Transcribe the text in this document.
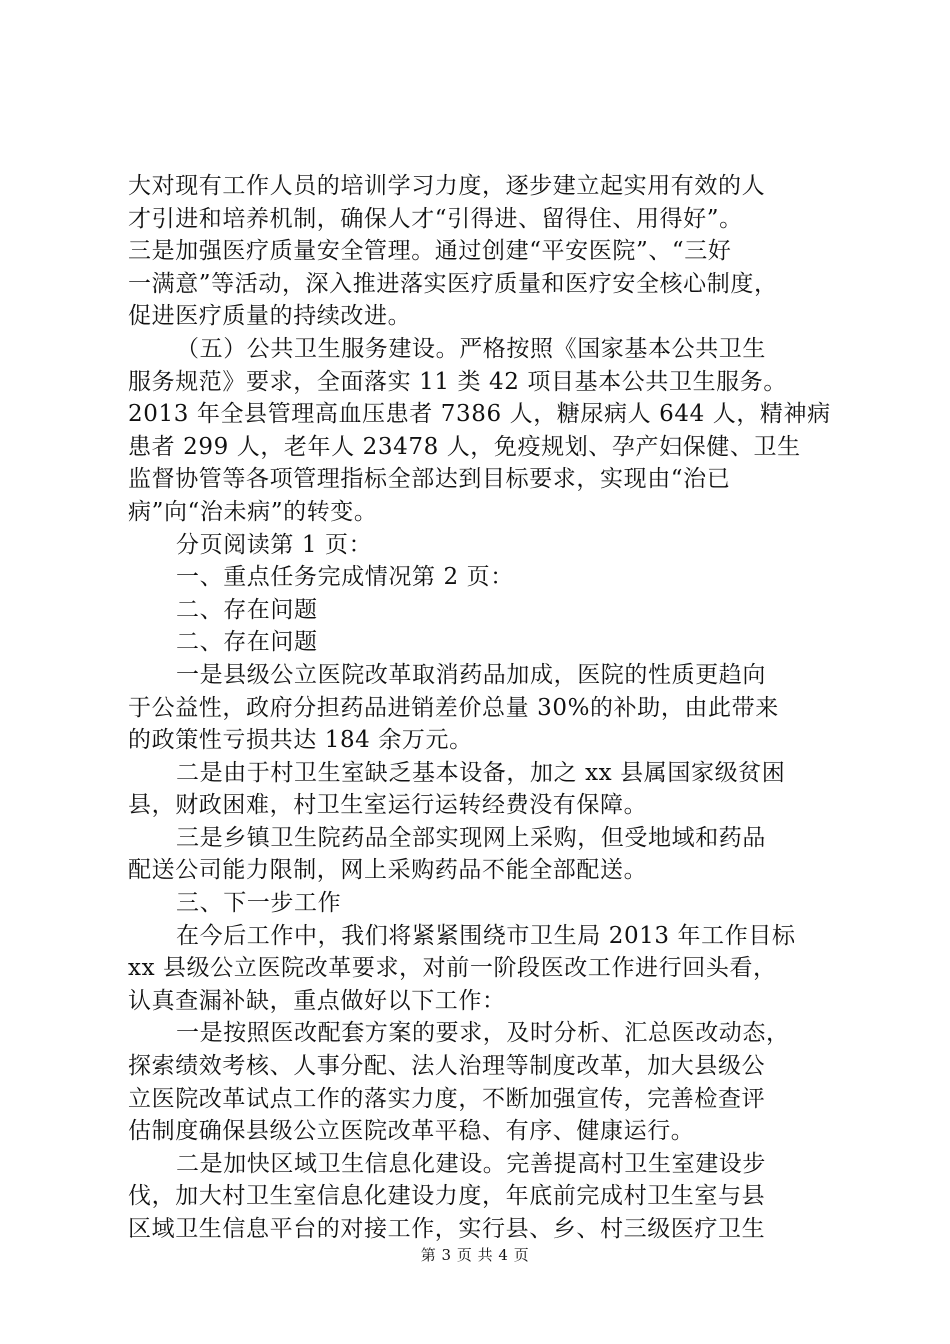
大对现有工作人员的培训学习力度，逐步建立起实用有效的人
才引进和培养机制，确保人才“引得进、留得住、用得好”。
三是加强医疗质量安全管理。通过创建“平安医院”、“三好
一满意”等活动，深入推进落实医疗质量和医疗安全核心制度，
促进医疗质量的持续改进。
（五）公共卫生服务建设。严格按照《国家基本公共卫生
服务规范》要求，全面落实 11 类 42 项目基本公共卫生服务。
2013 年全县管理高血压患者 7386 人，糖尿病人 644 人，精神病
患者 299 人，老年人 23478 人，免疫规划、孕产妇保健、卫生
监督协管等各项管理指标全部达到目标要求，实现由“治已
病”向“治未病”的转变。
分页阅读第 1 页：
一、重点任务完成情况第 2 页：
二、存在问题
二、存在问题
一是县级公立医院改革取消药品加成，医院的性质更趋向
于公益性，政府分担药品进销差价总量 30%的补助，由此带来
的政策性亏损共达 184 余万元。
二是由于村卫生室缺乏基本设备，加之 xx 县属国家级贫困
县，财政困难，村卫生室运行运转经费没有保障。
三是乡镇卫生院药品全部实现网上采购，但受地域和药品
配送公司能力限制，网上采购药品不能全部配送。
三、下一步工作
在今后工作中，我们将紧紧围绕市卫生局 2013 年工作目标
xx 县级公立医院改革要求，对前一阶段医改工作进行回头看，
认真查漏补缺，重点做好以下工作：
一是按照医改配套方案的要求，及时分析、汇总医改动态，
探索绩效考核、人事分配、法人治理等制度改革，加大县级公
立医院改革试点工作的落实力度，不断加强宣传，完善检查评
估制度确保县级公立医院改革平稳、有序、健康运行。
二是加快区域卫生信息化建设。完善提高村卫生室建设步
伐，加大村卫生室信息化建设力度，年底前完成村卫生室与县
区域卫生信息平台的对接工作，实行县、乡、村三级医疗卫生
第 3 页 共 4 页
